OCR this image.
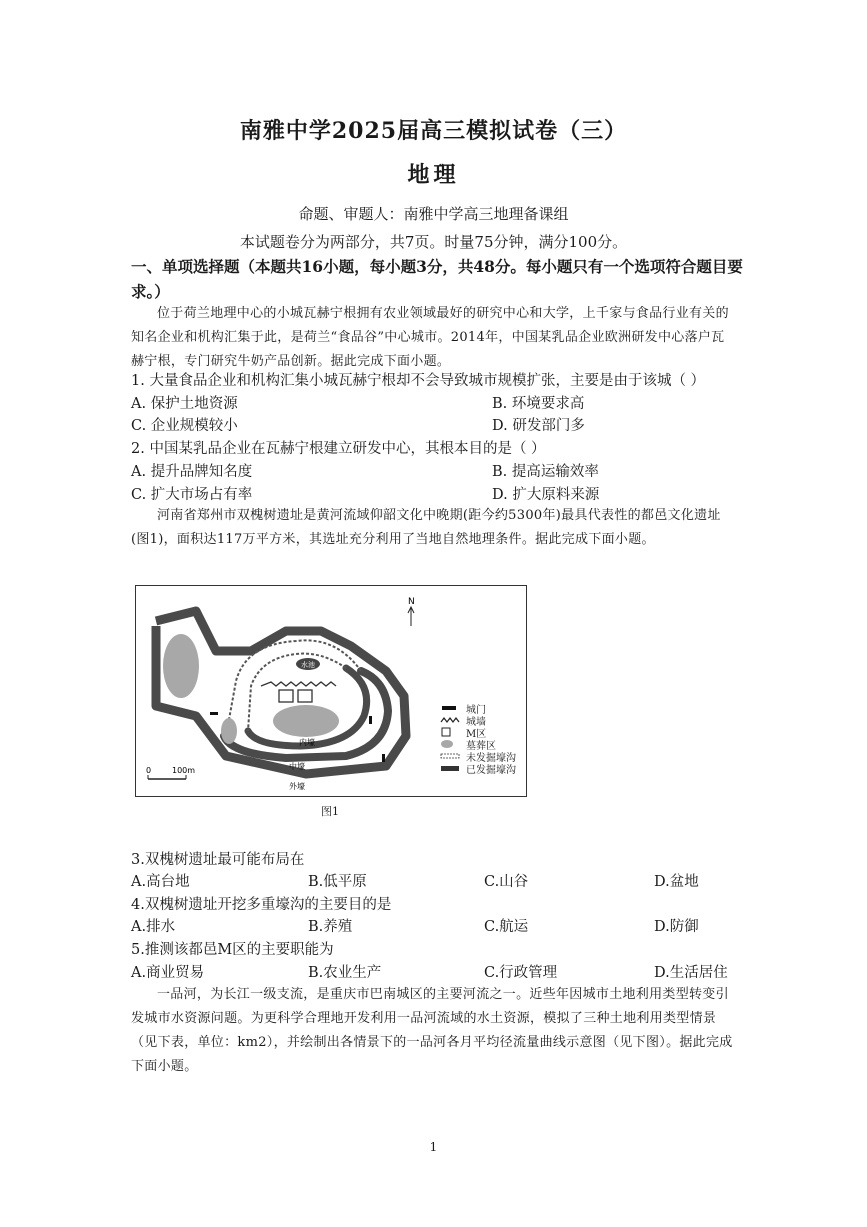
南雅中学2025届高三模拟试卷（三）
地理
命题、审题人：南雅中学高三地理备课组
本试题卷分为两部分，共7页。时量75分钟，满分100分。
一、单项选择题（本题共16小题，每小题3分，共48分。每小题只有一个选项符合题目要求。）
位于荷兰地理中心的小城瓦赫宁根拥有农业领域最好的研究中心和大学，上千家与食品行业有关的知名企业和机构汇集于此，是荷兰“食品谷”中心城市。2014年，中国某乳品企业欧洲研发中心落户瓦赫宁根，专门研究牛奶产品创新。据此完成下面小题。
1. 大量食品企业和机构汇集小城瓦赫宁根却不会导致城市规模扩张，主要是由于该城（ ）
A. 保护土地资源	B. 环境要求高
C. 企业规模较小	D. 研发部门多
2. 中国某乳品企业在瓦赫宁根建立研发中心，其根本目的是（ ）
A. 提升品牌知名度	B. 提高运输效率
C. 扩大市场占有率	D. 扩大原料来源
河南省郑州市双槐树遗址是黄河流域仰韶文化中晚期(距今约5300年)最具代表性的都邑文化遗址(图1)，面积达117万平方米，其选址充分利用了当地自然地理条件。据此完成下面小题。
水池
内壕
中壕
外壕
N
0	100m
城门
城墙
M区
墓葬区
未发掘壕沟
已发掘壕沟
图1
3.双槐树遗址最可能布局在
A.高台地	B.低平原	C.山谷	D.盆地
4.双槐树遗址开挖多重壕沟的主要目的是
A.排水	B.养殖	C.航运	D.防御
5.推测该都邑M区的主要职能为
A.商业贸易	B.农业生产	C.行政管理	D.生活居住
一品河，为长江一级支流，是重庆市巴南城区的主要河流之一。近些年因城市土地利用类型转变引发城市水资源问题。为更科学合理地开发利用一品河流域的水土资源，模拟了三种土地利用类型情景（见下表，单位：km2），并绘制出各情景下的一品河各月平均径流量曲线示意图（见下图）。据此完成下面小题。
1
